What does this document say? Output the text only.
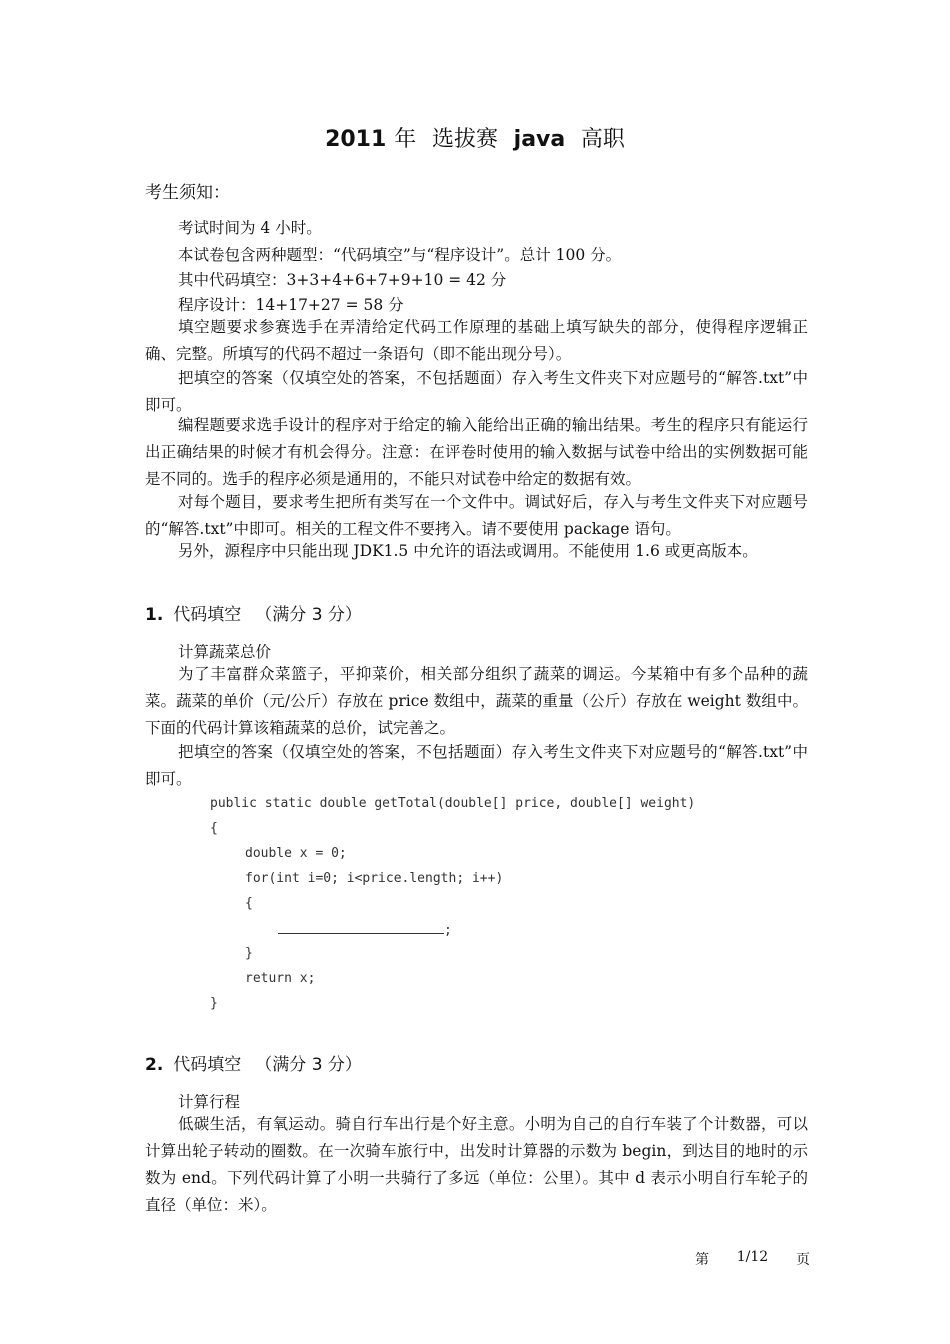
2011 年 选拔赛 java 高职
考生须知：
考试时间为 4 小时。
本试卷包含两种题型：“代码填空”与“程序设计”。总计 100 分。
其中代码填空：3+3+4+6+7+9+10 = 42 分
程序设计：14+17+27 = 58 分
填空题要求参赛选手在弄清给定代码工作原理的基础上填写缺失的部分，使得程序逻辑正确、完整。所填写的代码不超过一条语句（即不能出现分号）。
把填空的答案（仅填空处的答案，不包括题面）存入考生文件夹下对应题号的“解答.txt”中即可。
编程题要求选手设计的程序对于给定的输入能给出正确的输出结果。考生的程序只有能运行出正确结果的时候才有机会得分。注意：在评卷时使用的输入数据与试卷中给出的实例数据可能是不同的。选手的程序必须是通用的，不能只对试卷中给定的数据有效。
对每个题目，要求考生把所有类写在一个文件中。调试好后，存入与考生文件夹下对应题号的“解答.txt”中即可。相关的工程文件不要拷入。请不要使用 package 语句。
另外，源程序中只能出现 JDK1.5 中允许的语法或调用。不能使用 1.6 或更高版本。
1. 代码填空 （满分 3 分）
计算蔬菜总价
为了丰富群众菜篮子，平抑菜价，相关部分组织了蔬菜的调运。今某箱中有多个品种的蔬菜。蔬菜的单价（元/公斤）存放在 price 数组中，蔬菜的重量（公斤）存放在 weight 数组中。下面的代码计算该箱蔬菜的总价，试完善之。
把填空的答案（仅填空处的答案，不包括题面）存入考生文件夹下对应题号的“解答.txt”中即可。
public static double getTotal(double[] price, double[] weight)
{
double x = 0;
for(int i=0; i<price.length; i++)
{
;
}
return x;
}
2. 代码填空 （满分 3 分）
计算行程
低碳生活，有氧运动。骑自行车出行是个好主意。小明为自己的自行车装了个计数器，可以计算出轮子转动的圈数。在一次骑车旅行中，出发时计算器的示数为 begin，到达目的地时的示数为 end。下列代码计算了小明一共骑行了多远（单位：公里）。其中 d 表示小明自行车轮子的直径（单位：米）。
第 1/12 页
